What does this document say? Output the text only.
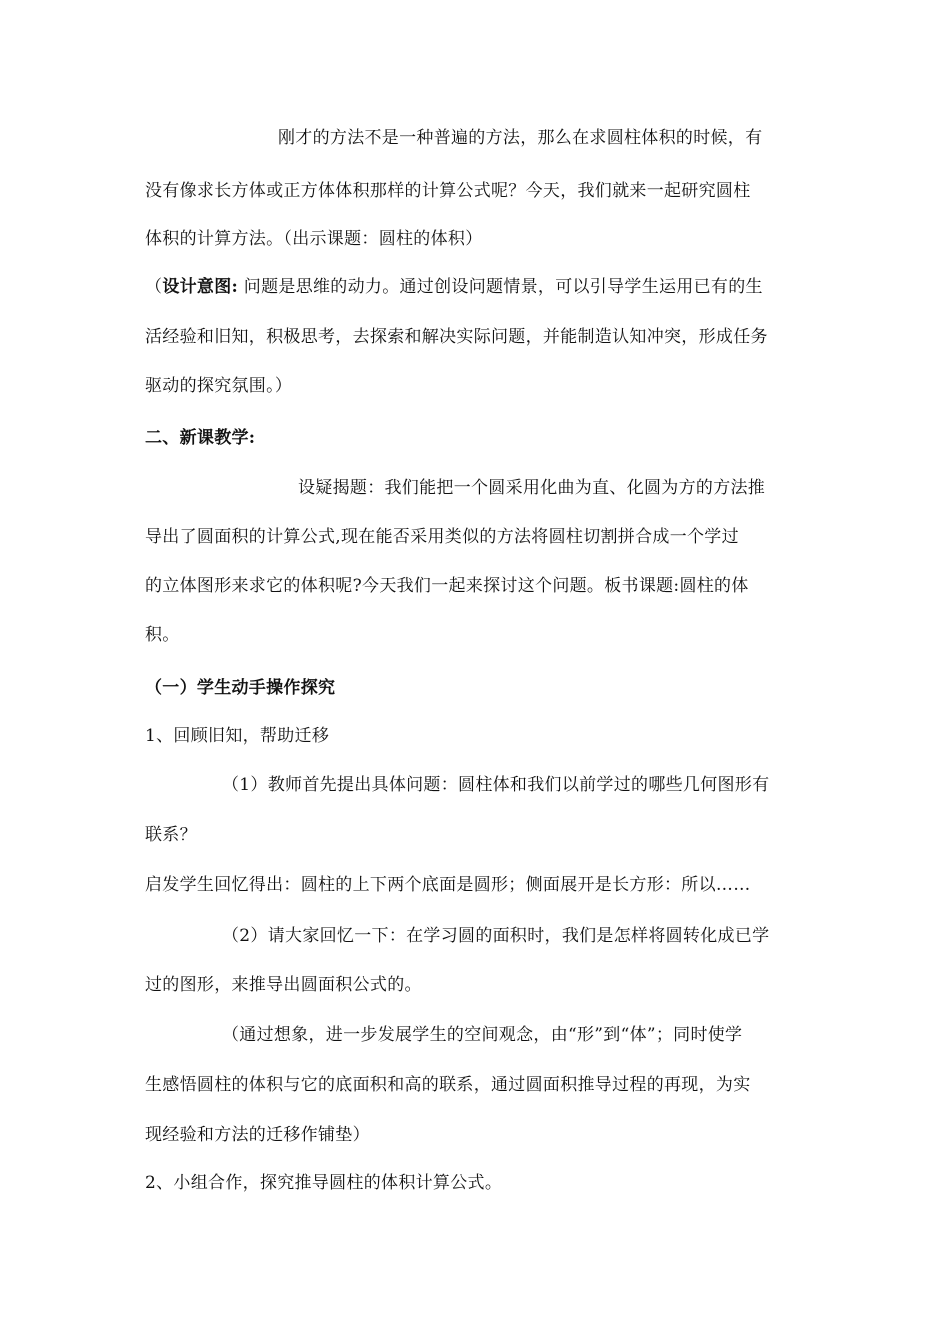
刚才的方法不是一种普遍的方法，那么在求圆柱体积的时候，有
没有像求长方体或正方体体积那样的计算公式呢？今天，我们就来一起研究圆柱
体积的计算方法。（出示课题：圆柱的体积）
（设计意图: 问题是思维的动力。通过创设问题情景，可以引导学生运用已有的生
活经验和旧知，积极思考，去探索和解决实际问题，并能制造认知冲突，形成任务
驱动的探究氛围。）
二、新课教学:
设疑揭题：我们能把一个圆采用化曲为直、化圆为方的方法推
导出了圆面积的计算公式,现在能否采用类似的方法将圆柱切割拼合成一个学过
的立体图形来求它的体积呢?今天我们一起来探讨这个问题。板书课题:圆柱的体
积。
（一）学生动手操作探究
1、回顾旧知，帮助迁移
（1）教师首先提出具体问题：圆柱体和我们以前学过的哪些几何图形有
联系？
启发学生回忆得出：圆柱的上下两个底面是圆形；侧面展开是长方形：所以……
（2）请大家回忆一下：在学习圆的面积时，我们是怎样将圆转化成已学
过的图形，来推导出圆面积公式的。
（通过想象，进一步发展学生的空间观念，由“形”到“体”；同时使学
生感悟圆柱的体积与它的底面积和高的联系，通过圆面积推导过程的再现，为实
现经验和方法的迁移作铺垫）
2、小组合作，探究推导圆柱的体积计算公式。
